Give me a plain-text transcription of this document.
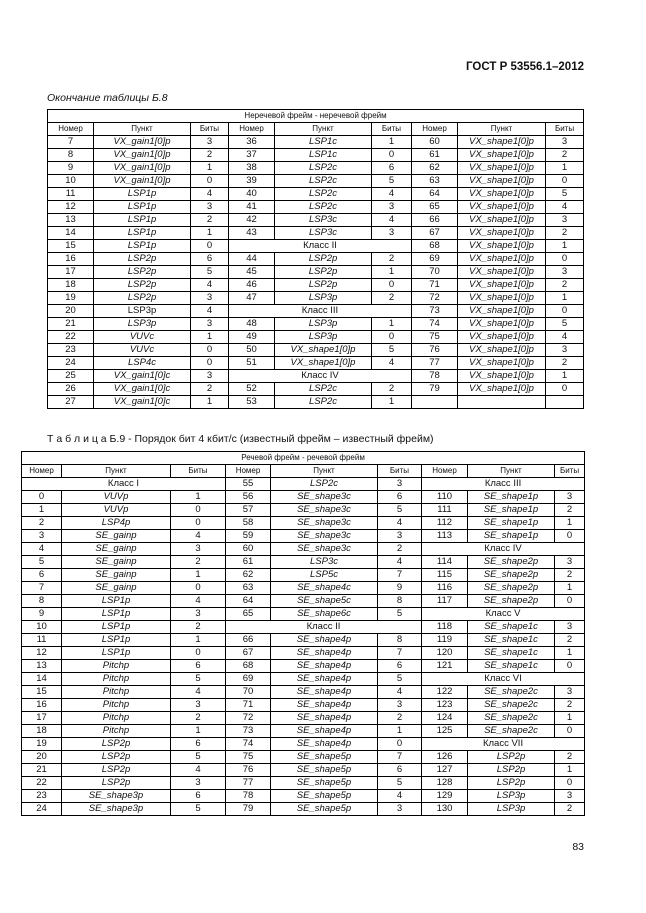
ГОСТ Р 53556.1–2012
Окончание таблицы Б.8
Неречевой фрейм - неречевой фрейм								
Номер	Пункт	Биты	Номер	Пункт	Биты	Номер	Пункт	Биты
7	VX_gain1[0]p	3	36	LSP1c	1	60	VX_shape1[0]p	3
8	VX_gain1[0]p	2	37	LSP1c	0	61	VX_shape1[0]p	2
9	VX_gain1[0]p	1	38	LSP2c	6	62	VX_shape1[0]p	1
10	VX_gain1[0]p	0	39	LSP2c	5	63	VX_shape1[0]p	0
11	LSP1p	4	40	LSP2c	4	64	VX_shape1[0]p	5
12	LSP1p	3	41	LSP2c	3	65	VX_shape1[0]p	4
13	LSP1p	2	42	LSP3c	4	66	VX_shape1[0]p	3
14	LSP1p	1	43	LSP3c	3	67	VX_shape1[0]p	2
15	LSP1p	0	Класс II			68	VX_shape1[0]p	1
16	LSP2p	6	44	LSP2p	2	69	VX_shape1[0]p	0
17	LSP2p	5	45	LSP2p	1	70	VX_shape1[0]p	3
18	LSP2p	4	46	LSP2p	0	71	VX_shape1[0]p	2
19	LSP2p	3	47	LSP3p	2	72	VX_shape1[0]p	1
20	LSP3p	4	Класс III			73	VX_shape1[0]p	0
21	LSP3p	3	48	LSP3p	1	74	VX_shape1[0]p	5
22	VUVc	1	49	LSP3p	0	75	VX_shape1[0]p	4
23	VUVc	0	50	VX_shape1[0]p	5	76	VX_shape1[0]p	3
24	LSP4c	0	51	VX_shape1[0]p	4	77	VX_shape1[0]p	2
25	VX_gain1[0]c	3	Класс IV			78	VX_shape1[0]p	1
26	VX_gain1[0]c	2	52	LSP2c	2	79	VX_shape1[0]p	0
27	VX_gain1[0]c	1	53	LSP2c	1			
Т а б л и ц а Б.9 - Порядок бит 4 кбит/с (известный фрейм – известный фрейм)
Речевой фрейм - речевой фрейм								
Номер	Пункт	Биты	Номер	Пункт	Биты	Номер	Пункт	Биты
Класс I			55	LSP2c	3	Класс III		
0	VUVp	1	56	SE_shape3c	6	110	SE_shape1p	3
1	VUVp	0	57	SE_shape3c	5	111	SE_shape1p	2
2	LSP4p	0	58	SE_shape3c	4	112	SE_shape1p	1
3	SE_gainp	4	59	SE_shape3c	3	113	SE_shape1p	0
4	SE_gainp	3	60	SE_shape3c	2	Класс IV		
5	SE_gainp	2	61	LSP3c	4	114	SE_shape2p	3
6	SE_gainp	1	62	LSP5c	7	115	SE_shape2p	2
7	SE_gainp	0	63	SE_shape4c	9	116	SE_shape2p	1
8	LSP1p	4	64	SE_shape5c	8	117	SE_shape2p	0
9	LSP1p	3	65	SE_shape6c	5	Класс V		
10	LSP1p	2	Класс II			118	SE_shape1c	3
11	LSP1p	1	66	SE_shape4p	8	119	SE_shape1c	2
12	LSP1p	0	67	SE_shape4p	7	120	SE_shape1c	1
13	Pitchp	6	68	SE_shape4p	6	121	SE_shape1c	0
14	Pitchp	5	69	SE_shape4p	5	Класс VI		
15	Pitchp	4	70	SE_shape4p	4	122	SE_shape2c	3
16	Pitchp	3	71	SE_shape4p	3	123	SE_shape2c	2
17	Pitchp	2	72	SE_shape4p	2	124	SE_shape2c	1
18	Pitchp	1	73	SE_shape4p	1	125	SE_shape2c	0
19	LSP2p	6	74	SE_shape4p	0	Класс VII		
20	LSP2p	5	75	SE_shape5p	7	126	LSP2p	2
21	LSP2p	4	76	SE_shape5p	6	127	LSP2p	1
22	LSP2p	3	77	SE_shape5p	5	128	LSP2p	0
23	SE_shape3p	6	78	SE_shape5p	4	129	LSP3p	3
24	SE_shape3p	5	79	SE_shape5p	3	130	LSP3p	2
83
